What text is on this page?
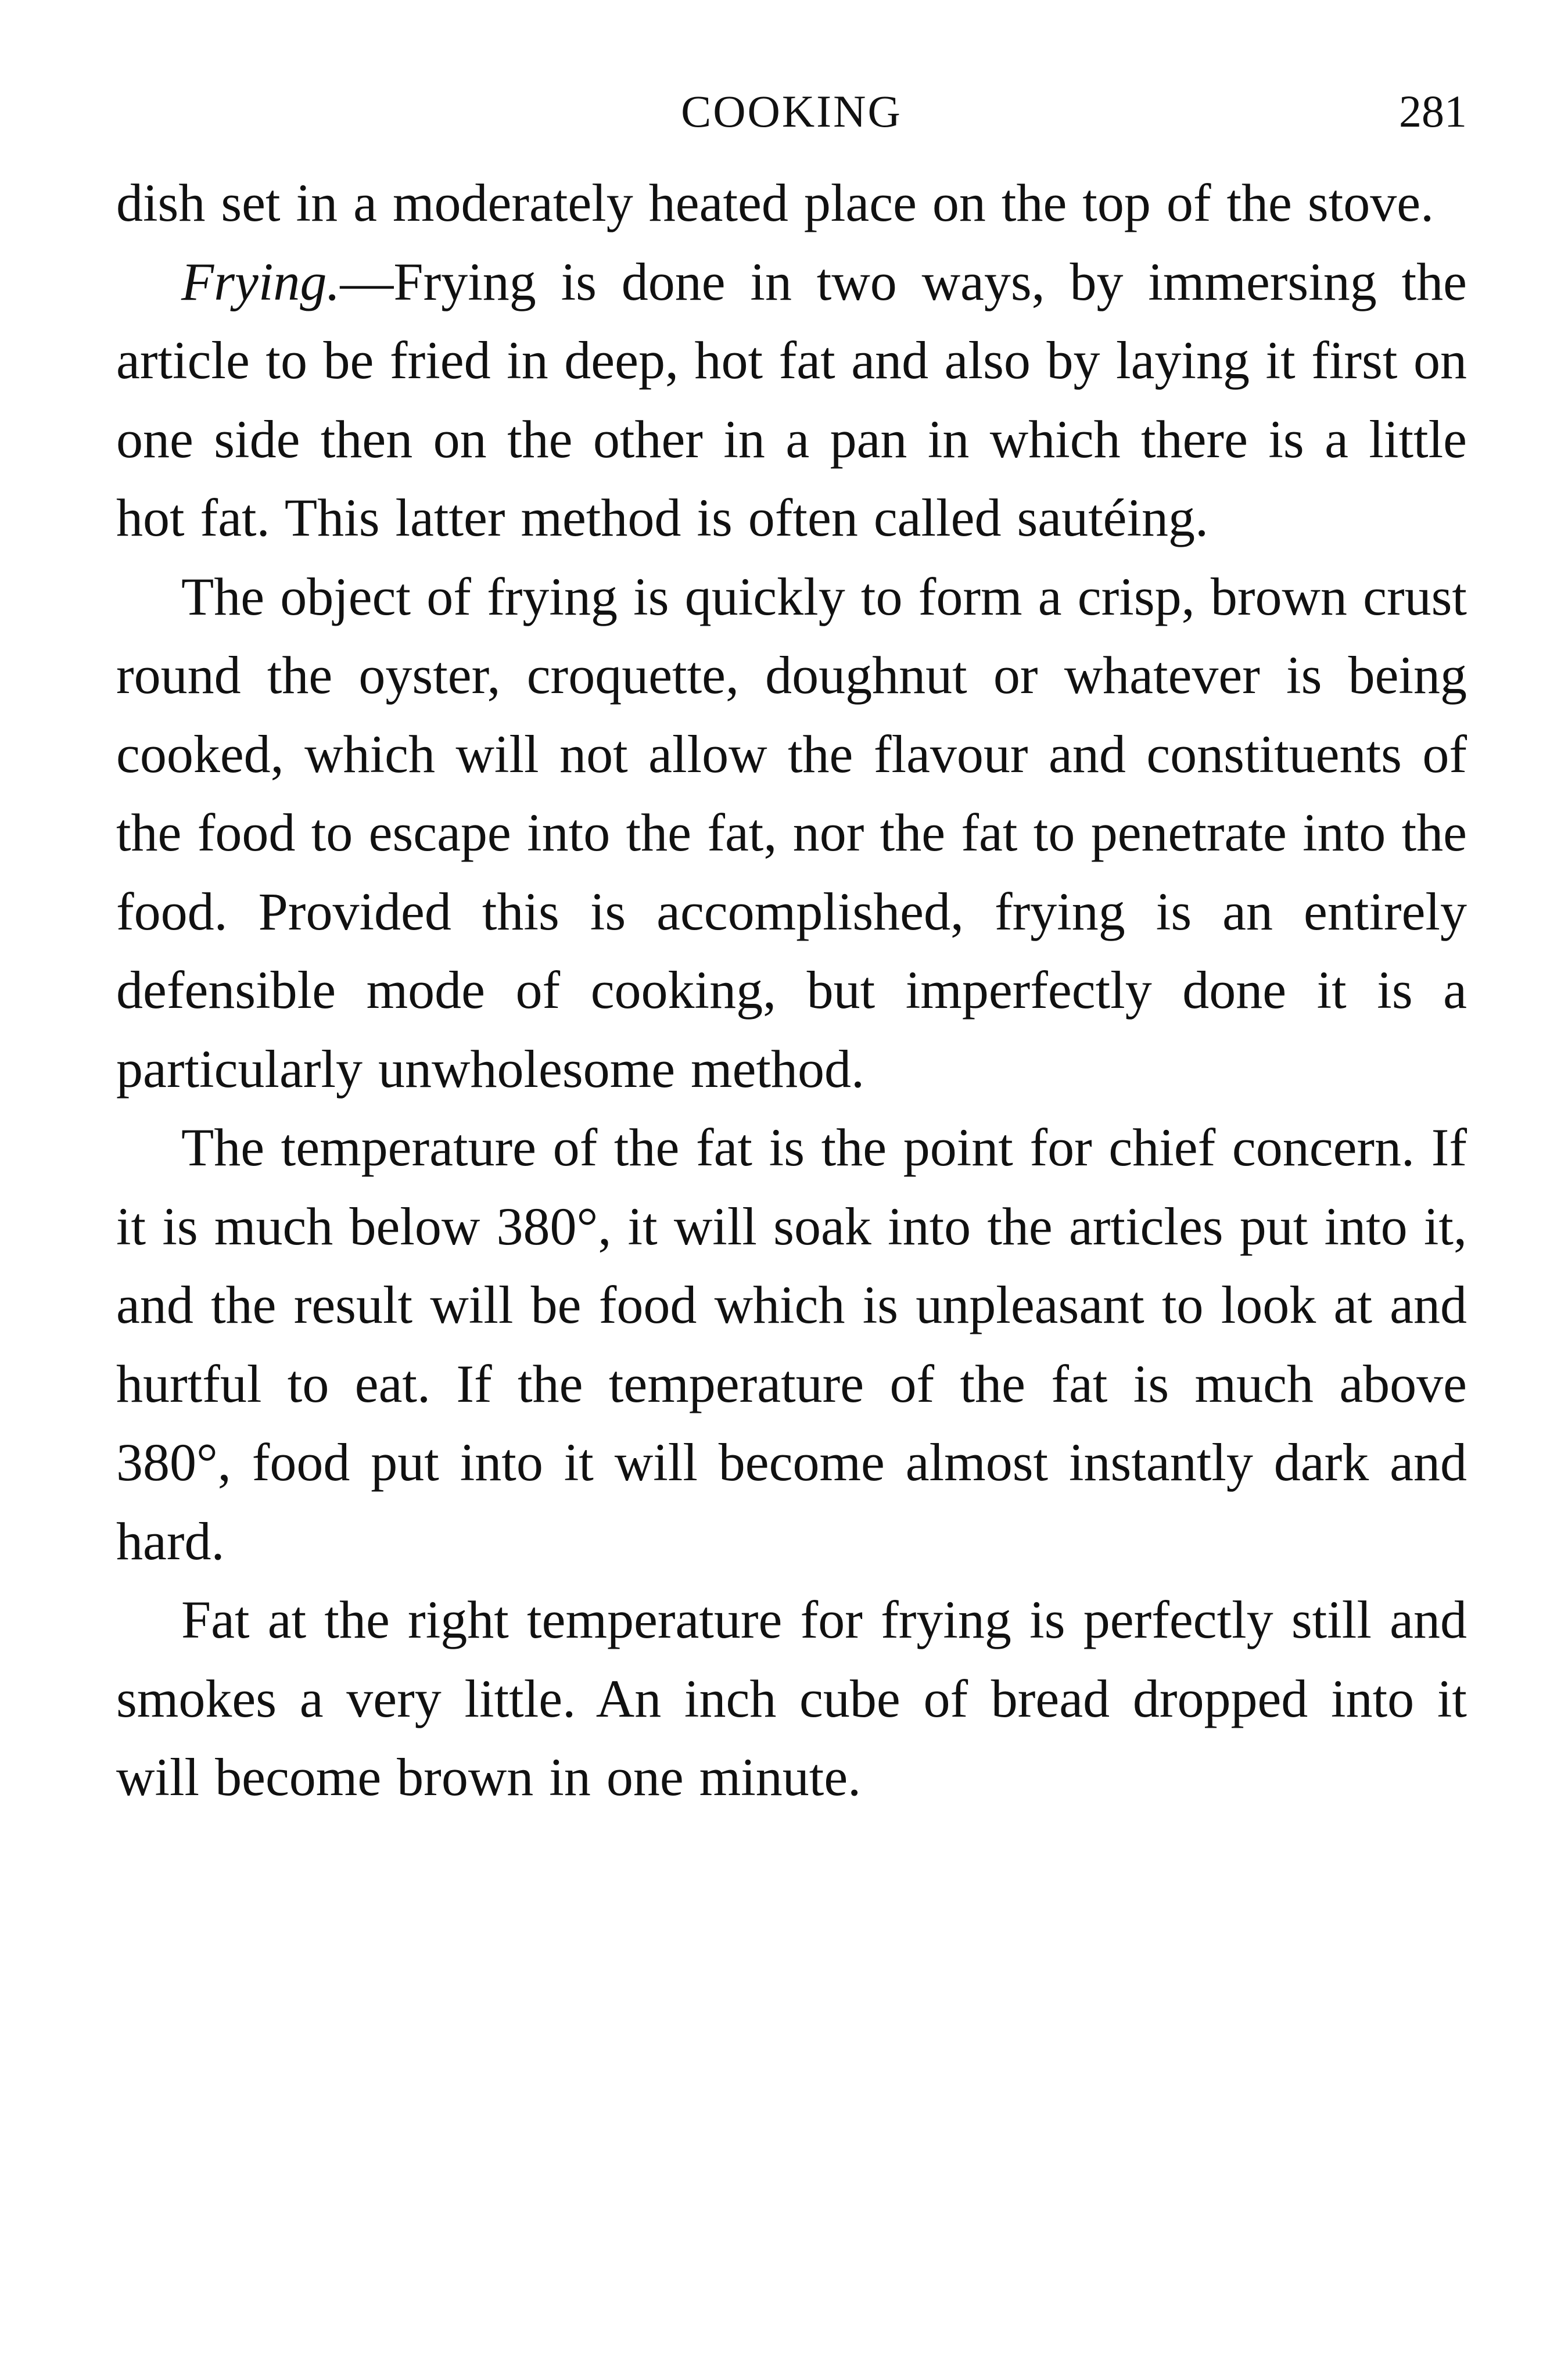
COOKING	281

dish set in a moderately heated place on the top of the stove.

Frying.—Frying is done in two ways, by immersing the article to be fried in deep, hot fat and also by laying it first on one side then on the other in a pan in which there is a little hot fat. This latter method is often called sautéing.

The object of frying is quickly to form a crisp, brown crust round the oyster, croquette, doughnut or whatever is being cooked, which will not allow the flavour and constituents of the food to escape into the fat, nor the fat to penetrate into the food. Provided this is accomplished, frying is an entirely defensible mode of cooking, but imperfectly done it is a particularly unwholesome method.

The temperature of the fat is the point for chief concern. If it is much below 380°, it will soak into the articles put into it, and the result will be food which is unpleasant to look at and hurtful to eat. If the temperature of the fat is much above 380°, food put into it will become almost instantly dark and hard.

Fat at the right temperature for frying is perfectly still and smokes a very little. An inch cube of bread dropped into it will become brown in one minute.
